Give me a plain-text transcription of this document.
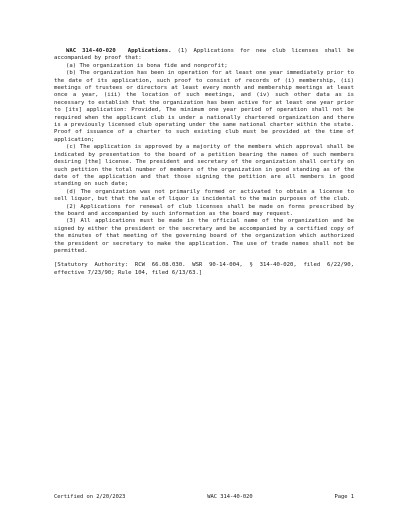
WAC 314-40-020 Applications. (1) Applications for new club licenses shall be accompanied by proof that:

(a) The organization is bona fide and nonprofit;

(b) The organization has been in operation for at least one year immediately prior to the date of its application, such proof to consist of records of (i) membership, (ii) meetings of trustees or directors at least every month and membership meetings at least once a year, (iii) the location of such meetings, and (iv) such other data as is necessary to establish that the organization has been active for at least one year prior to [its] application: Provided, The minimum one year period of operation shall not be required when the applicant club is under a nationally chartered organization and there is a previously licensed club operating under the same national charter within the state. Proof of issuance of a charter to such existing club must be provided at the time of application;

(c) The application is approved by a majority of the members which approval shall be indicated by presentation to the board of a petition bearing the names of such members desiring [the] license. The president and secretary of the organization shall certify on such petition the total number of members of the organization in good standing as of the date of the application and that those signing the petition are all members in good standing on such date;

(d) The organization was not primarily formed or activated to obtain a license to sell liquor, but that the sale of liquor is incidental to the main purposes of the club.

(2) Applications for renewal of club licenses shall be made on forms prescribed by the board and accompanied by such information as the board may request.

(3) All applications must be made in the official name of the organization and be signed by either the president or the secretary and be accompanied by a certified copy of the minutes of that meeting of the governing board of the organization which authorized the president or secretary to make the application. The use of trade names shall not be permitted.

[Statutory Authority: RCW 66.08.030. WSR 90-14-004, § 314-40-020, filed 6/22/90, effective 7/23/90; Rule 104, filed 6/13/63.]

Certified on 2/20/2023	WAC 314-40-020	Page 1
